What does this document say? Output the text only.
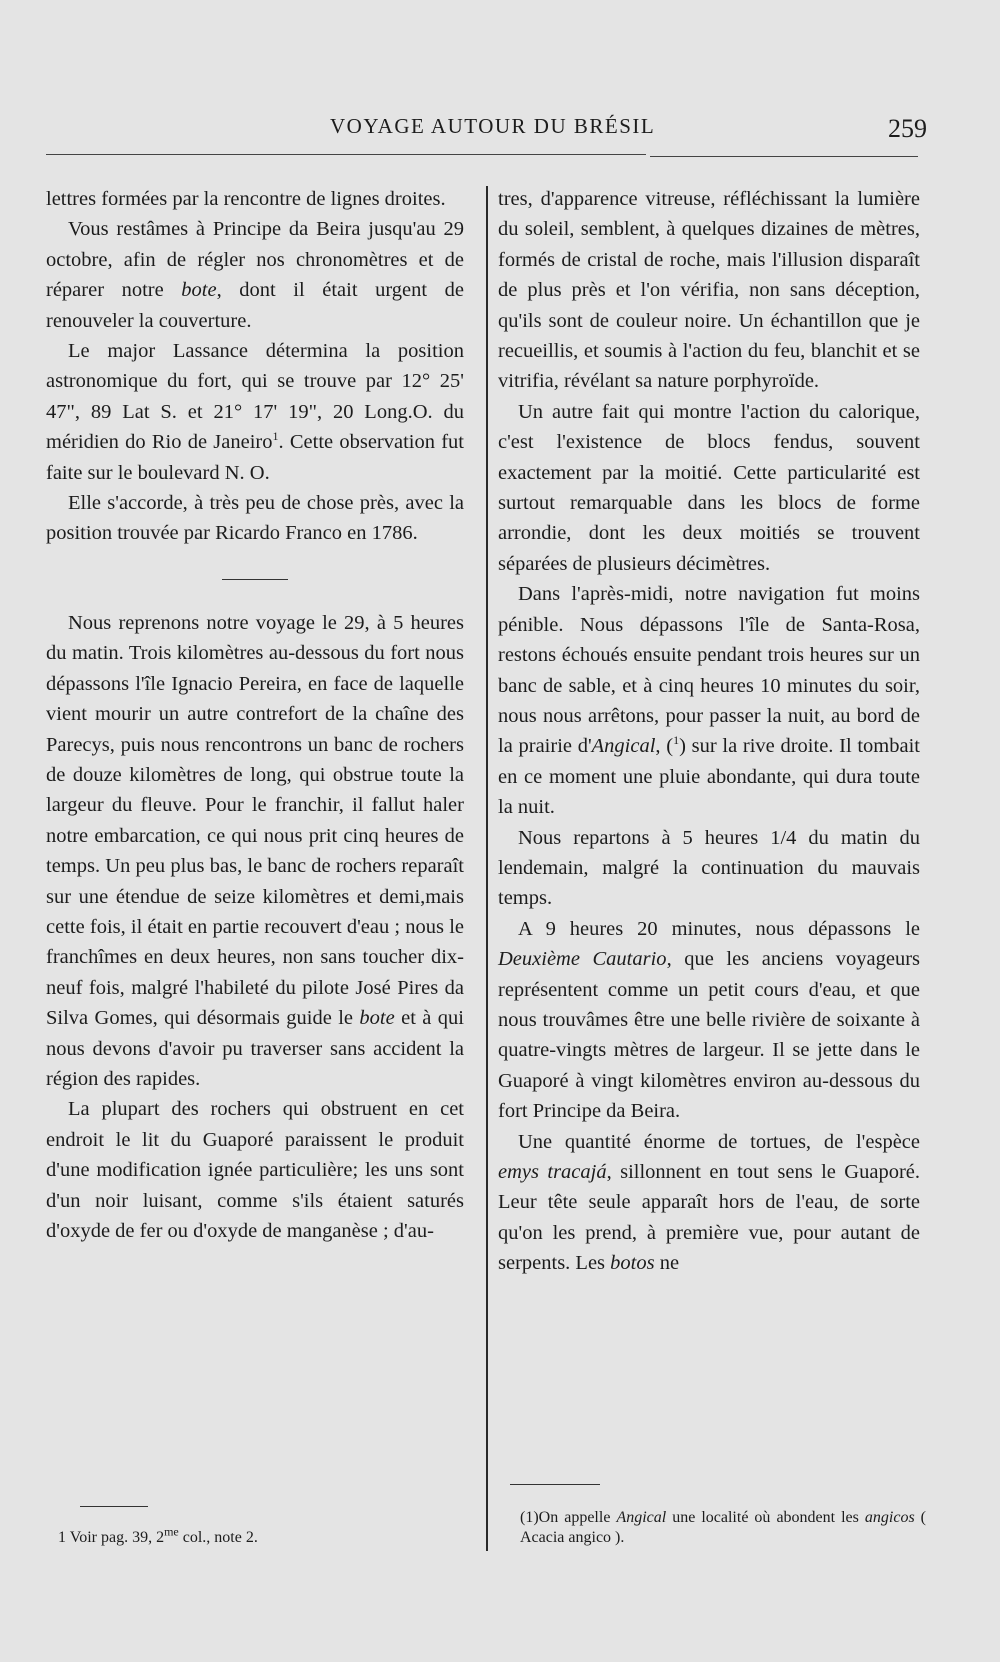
VOYAGE AUTOUR DU BRÉSIL	259

lettres formées par la rencontre de lignes droites.

Vous restâmes à Principe da Beira jusqu'au 29 octobre, afin de régler nos chronomètres et de réparer notre bote, dont il était urgent de renouveler la couverture.

Le major Lassance détermina la position astronomique du fort, qui se trouve par 12° 25' 47", 89 Lat S. et 21° 17' 19", 20 Long.O. du méridien do Rio de Janeiro$^1$. Cette observation fut faite sur le boulevard N. O.

Elle s'accorde, à très peu de chose près, avec la position trouvée par Ricardo Franco en 1786.

Nous reprenons notre voyage le 29, à 5 heures du matin. Trois kilomètres au-dessous du fort nous dépassons l'île Ignacio Pereira, en face de laquelle vient mourir un autre contrefort de la chaîne des Parecys, puis nous rencontrons un banc de rochers de douze kilomètres de long, qui obstrue toute la largeur du fleuve. Pour le franchir, il fallut haler notre embarcation, ce qui nous prit cinq heures de temps. Un peu plus bas, le banc de rochers reparaît sur une étendue de seize kilomètres et demi,mais cette fois, il était en partie recouvert d'eau ; nous le franchîmes en deux heures, non sans toucher dix-neuf fois, malgré l'habileté du pilote José Pires da Silva Gomes, qui désormais guide le bote et à qui nous devons d'avoir pu traverser sans accident la région des rapides.

La plupart des rochers qui obstruent en cet endroit le lit du Guaporé paraissent le produit d'une modification ignée particulière; les uns sont d'un noir luisant, comme s'ils étaient saturés d'oxyde de fer ou d'oxyde de manganèse ; d'au-

tres, d'apparence vitreuse, réfléchissant la lumière du soleil, semblent, à quelques dizaines de mètres, formés de cristal de roche, mais l'illusion disparaît de plus près et l'on vérifia, non sans déception, qu'ils sont de couleur noire. Un échantillon que je recueillis, et soumis à l'action du feu, blanchit et se vitrifia, révélant sa nature porphyroïde.

Un autre fait qui montre l'action du calorique, c'est l'existence de blocs fendus, souvent exactement par la moitié. Cette particularité est surtout remarquable dans les blocs de forme arrondie, dont les deux moitiés se trouvent séparées de plusieurs décimètres.

Dans l'après-midi, notre navigation fut moins pénible. Nous dépassons l'île de Santa-Rosa, restons échoués ensuite pendant trois heures sur un banc de sable, et à cinq heures 10 minutes du soir, nous nous arrêtons, pour passer la nuit, au bord de la prairie d'Angical, ($^1$) sur la rive droite. Il tombait en ce moment une pluie abondante, qui dura toute la nuit.

Nous repartons à 5 heures 1/4 du matin du lendemain, malgré la continuation du mauvais temps.

A 9 heures 20 minutes, nous dépassons le Deuxième Cautario, que les anciens voyageurs représentent comme un petit cours d'eau, et que nous trouvâmes être une belle rivière de soixante à quatre-vingts mètres de largeur. Il se jette dans le Guaporé à vingt kilomètres environ au-dessous du fort Principe da Beira.

Une quantité énorme de tortues, de l'espèce emys tracajá, sillonnent en tout sens le Guaporé. Leur tête seule apparaît hors de l'eau, de sorte qu'on les prend, à première vue, pour autant de serpents. Les botos ne

1 Voir pag. 39, $2^{me}$ col., note 2.
(1)On appelle Angical une localité où abondent les angicos ( Acacia angico ).
